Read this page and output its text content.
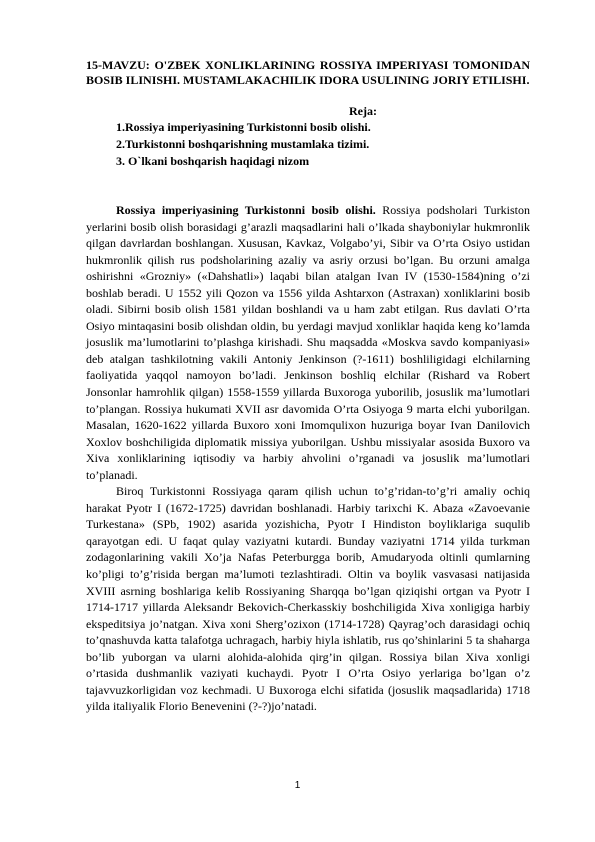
15-MAVZU: O'ZBEK XONLIKLARINING ROSSIYA IMPERIYASI TOMONIDAN BOSIB ILINISHI. MUSTAMLAKACHILIK IDORA USULINING JORIY ETILISHI.

Reja:
1.Rossiya imperiyasining Turkistonni bosib olishi.
2.Turkistonni boshqarishning mustamlaka tizimi.
3. O`lkani boshqarish haqidagi nizom

Rossiya imperiyasining Turkistonni bosib olishi. Rossiya podsholari Turkiston yerlarini bosib olish borasidagi g’arazli maqsadlarini hali o’lkada shayboniylar hukmronlik qilgan davrlardan boshlangan. Xususan, Kavkaz, Volgabo’yi, Sibir va O’rta Osiyo ustidan hukmronlik qilish rus podsholarining azaliy va asriy orzusi bo’lgan. Bu orzuni amalga oshirishni «Grozniy» («Dahshatli») laqabi bilan atalgan Ivan IV (1530-1584)ning o’zi boshlab beradi. U 1552 yili Qozon va 1556 yilda Ashtarxon (Astraxan) xonliklarini bosib oladi. Sibirni bosib olish 1581 yildan boshlandi va u ham zabt etilgan. Rus davlati O’rta Osiyo mintaqasini bosib olishdan oldin, bu yerdagi mavjud xonliklar haqida keng ko’lamda josuslik ma’lumotlarini to’plashga kirishadi. Shu maqsadda «Moskva savdo kompaniyasi» deb atalgan tashkilotning vakili Antoniy Jenkinson (?-1611) boshliligidagi elchilarning faoliyatida yaqqol namoyon bo’ladi. Jenkinson boshliq elchilar (Rishard va Robert Jonsonlar hamrohlik qilgan) 1558-1559 yillarda Buxoroga yuborilib, josuslik ma’lumotlari to’plangan. Rossiya hukumati XVII asr davomida O’rta Osiyoga 9 marta elchi yuborilgan. Masalan, 1620-1622 yillarda Buxoro xoni Imomqulixon huzuriga boyar Ivan Danilovich Xoxlov boshchiligida diplomatik missiya yuborilgan. Ushbu missiyalar asosida Buxoro va Xiva xonliklarining iqtisodiy va harbiy ahvolini o’rganadi va josuslik ma’lumotlari to’planadi.

Biroq Turkistonni Rossiyaga qaram qilish uchun to’g’ridan-to’g’ri amaliy ochiq harakat Pyotr I (1672-1725) davridan boshlanadi. Harbiy tarixchi K. Abaza «Zavoevanie Turkestana» (SPb, 1902) asarida yozishicha, Pyotr I Hindiston boyliklariga suqulib qarayotgan edi. U faqat qulay vaziyatni kutardi. Bunday vaziyatni 1714 yilda turkman zodagonlarining vakili Xo’ja Nafas Peterburgga borib, Amudaryoda oltinli qumlarning ko’pligi to’g’risida bergan ma’lumoti tezlashtiradi. Oltin va boylik vasvasasi natijasida XVIII asrning boshlariga kelib Rossiyaning Sharqqa bo’lgan qiziqishi ortgan va Pyotr I 1714-1717 yillarda Aleksandr Bekovich-Cherkasskiy boshchiligida Xiva xonligiga harbiy ekspeditsiya jo’natgan. Xiva xoni Sherg’ozixon (1714-1728) Qayrag’och darasidagi ochiq to’qnashuvda katta talafotga uchragach, harbiy hiyla ishlatib, rus qo’shinlarini 5 ta shaharga bo’lib yuborgan va ularni alohida-alohida qirg’in qilgan. Rossiya bilan Xiva xonligi o’rtasida dushmanlik vaziyati kuchaydi. Pyotr I O’rta Osiyo yerlariga bo’lgan o’z tajavvuzkorligidan voz kechmadi. U Buxoroga elchi sifatida (josuslik maqsadlarida) 1718 yilda italiyalik Florio Benevenini (?-?)jo’natadi.

1
